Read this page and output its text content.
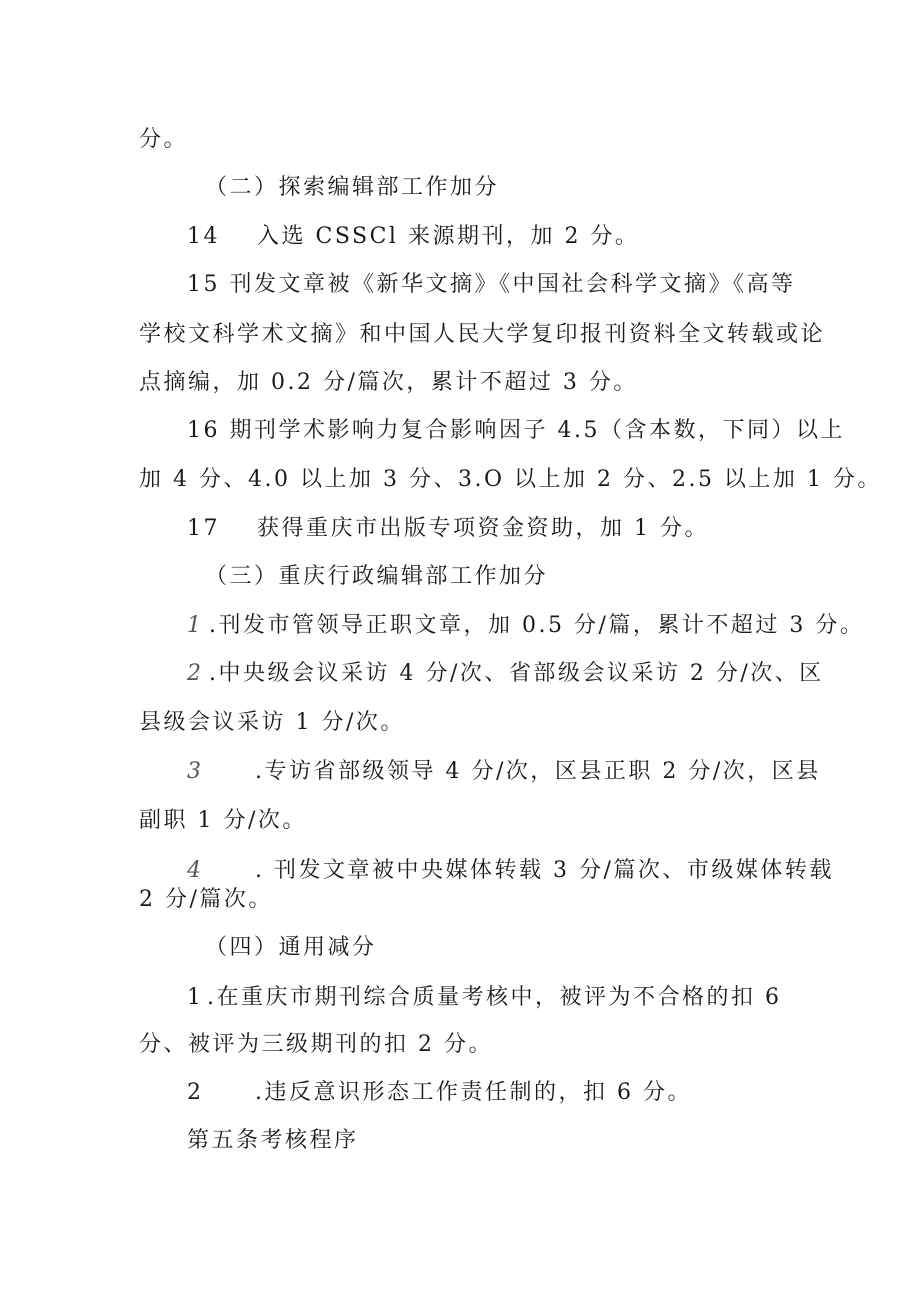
分。
（二）探索编辑部工作加分
14 入选 CSSCl 来源期刊，加 2 分。
15 刊发文章被《新华文摘》《中国社会科学文摘》《高等
学校文科学术文摘》和中国人民大学复印报刊资料全文转载或论
点摘编，加 0.2 分/篇次，累计不超过 3 分。
16 期刊学术影响力复合影响因子 4.5（含本数，下同）以上
加 4 分、4.0 以上加 3 分、3.O 以上加 2 分、2.5 以上加 1 分。
17 获得重庆市出版专项资金资助，加 1 分。
（三）重庆行政编辑部工作加分
1 .刊发市管领导正职文章，加 0.5 分/篇，累计不超过 3 分。
2 .中央级会议采访 4 分/次、省部级会议采访 2 分/次、区
县级会议采访 1 分/次。
3 .专访省部级领导 4 分/次，区县正职 2 分/次，区县
副职 1 分/次。
4 . 刊发文章被中央媒体转载 3 分/篇次、市级媒体转载
2 分/篇次。
（四）通用减分
1 .在重庆市期刊综合质量考核中，被评为不合格的扣 6
分、被评为三级期刊的扣 2 分。
2 .违反意识形态工作责任制的，扣 6 分。
第五条考核程序
